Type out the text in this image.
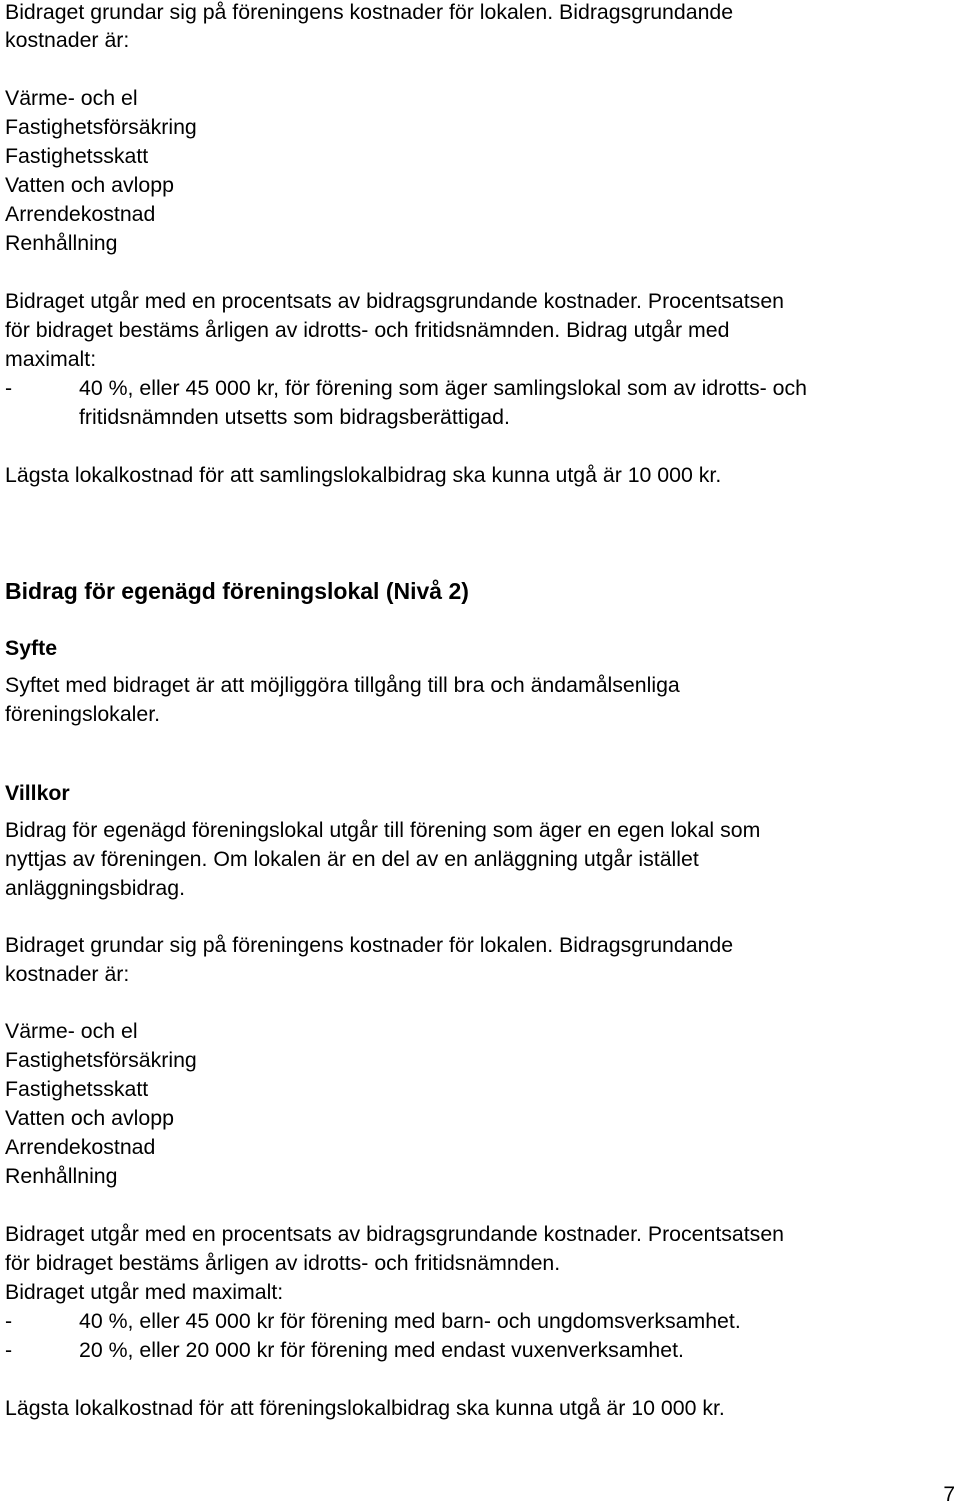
Bidraget grundar sig på föreningens kostnader för lokalen. Bidragsgrundande
kostnader är:
Värme- och el
Fastighetsförsäkring
Fastighetsskatt
Vatten och avlopp
Arrendekostnad
Renhållning
Bidraget utgår med en procentsats av bidragsgrundande kostnader. Procentsatsen
för bidraget bestäms årligen av idrotts- och fritidsnämnden. Bidrag utgår med
maximalt:
-	40 %, eller 45 000 kr, för förening som äger samlingslokal som av idrotts- och
fritidsnämnden utsetts som bidragsberättigad.
Lägsta lokalkostnad för att samlingslokalbidrag ska kunna utgå är 10 000 kr.
Bidrag för egenägd föreningslokal (Nivå 2)
Syfte
Syftet med bidraget är att möjliggöra tillgång till bra och ändamålsenliga
föreningslokaler.
Villkor
Bidrag för egenägd föreningslokal utgår till förening som äger en egen lokal som
nyttjas av föreningen. Om lokalen är en del av en anläggning utgår istället
anläggningsbidrag.
Bidraget grundar sig på föreningens kostnader för lokalen. Bidragsgrundande
kostnader är:
Värme- och el
Fastighetsförsäkring
Fastighetsskatt
Vatten och avlopp
Arrendekostnad
Renhållning
Bidraget utgår med en procentsats av bidragsgrundande kostnader. Procentsatsen
för bidraget bestäms årligen av idrotts- och fritidsnämnden.
Bidraget utgår med maximalt:
-	40 %, eller 45 000 kr för förening med barn- och ungdomsverksamhet.
-	20 %, eller 20 000 kr för förening med endast vuxenverksamhet.
Lägsta lokalkostnad för att föreningslokalbidrag ska kunna utgå är 10 000 kr.
7
